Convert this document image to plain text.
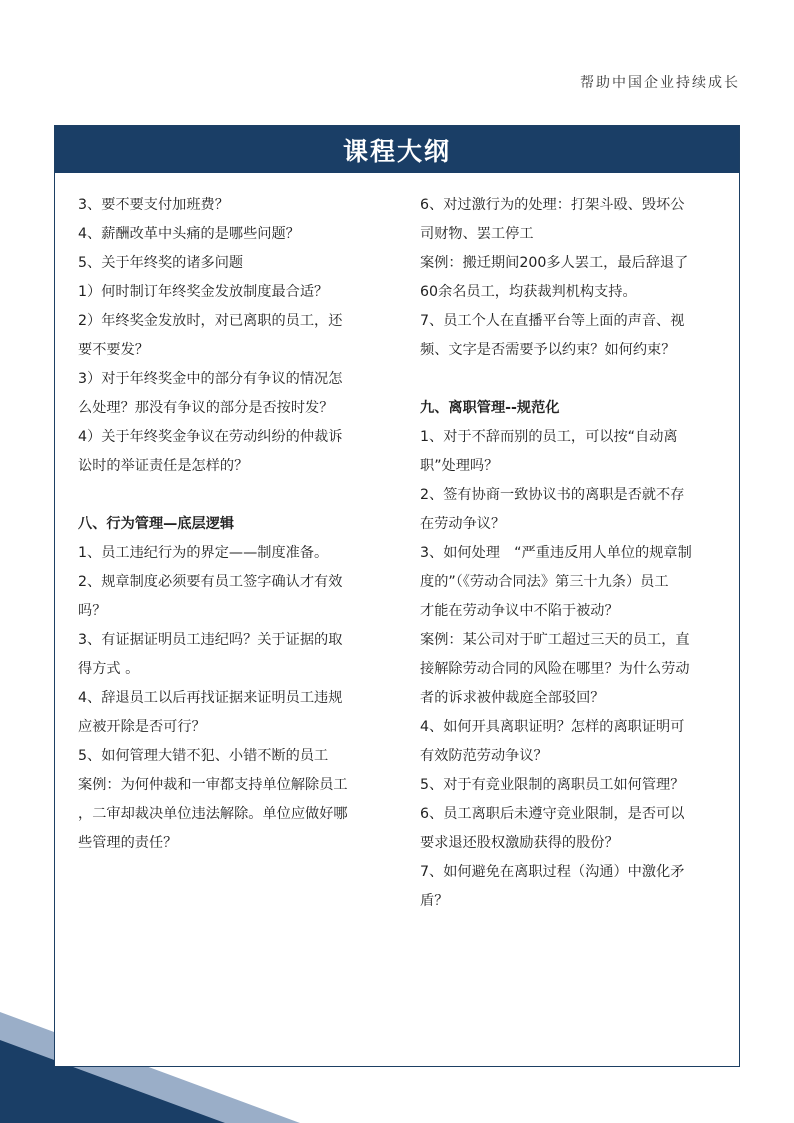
帮助中国企业持续成长
课程大纲
3、要不要支付加班费？
4、薪酬改革中头痛的是哪些问题？
5、关于年终奖的诸多问题
1）何时制订年终奖金发放制度最合适？
2）年终奖金发放时，对已离职的员工，还
要不要发？
3）对于年终奖金中的部分有争议的情况怎
么处理？那没有争议的部分是否按时发？
4）关于年终奖金争议在劳动纠纷的仲裁诉
讼时的举证责任是怎样的？
八、行为管理—底层逻辑
1、员工违纪行为的界定——制度准备。
2、规章制度必须要有员工签字确认才有效
吗？
3、有证据证明员工违纪吗？关于证据的取
得方式 。
4、辞退员工以后再找证据来证明员工违规
应被开除是否可行？
5、如何管理大错不犯、小错不断的员工
案例：为何仲裁和一审都支持单位解除员工
，二审却裁决单位违法解除。单位应做好哪
些管理的责任？
6、对过激行为的处理：打架斗殴、毁坏公
司财物、罢工停工
案例：搬迁期间200多人罢工，最后辞退了
60余名员工，均获裁判机构支持。
7、员工个人在直播平台等上面的声音、视
频、文字是否需要予以约束？如何约束？
九、离职管理--规范化
1、对于不辞而别的员工，可以按“自动离
职”处理吗？
2、签有协商一致协议书的离职是否就不存
在劳动争议？
3、如何处理　“严重违反用人单位的规章制
度的”（《劳动合同法》第三十九条）员工
才能在劳动争议中不陷于被动？
案例：某公司对于旷工超过三天的员工，直
接解除劳动合同的风险在哪里？为什么劳动
者的诉求被仲裁庭全部驳回？
4、如何开具离职证明？怎样的离职证明可
有效防范劳动争议？
5、对于有竞业限制的离职员工如何管理？
6、员工离职后未遵守竞业限制，是否可以
要求退还股权激励获得的股份？
7、如何避免在离职过程（沟通）中激化矛
盾？
